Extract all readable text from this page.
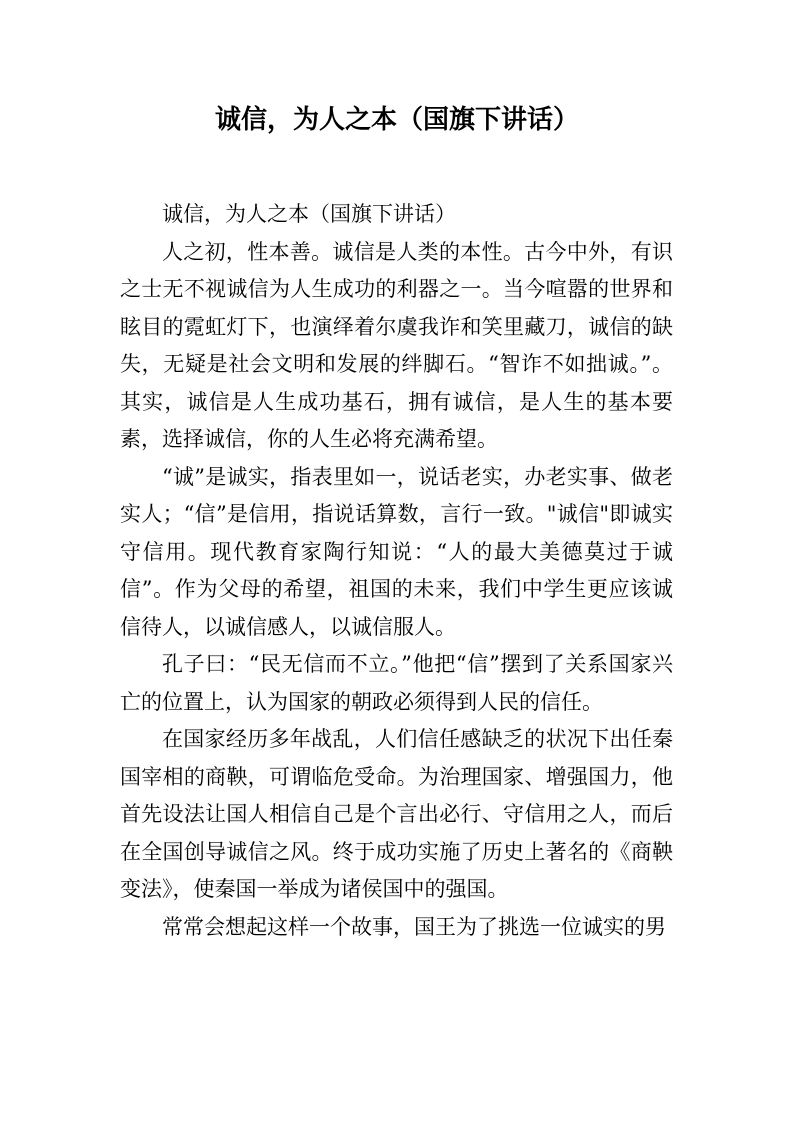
诚信，为人之本（国旗下讲话）

诚信，为人之本（国旗下讲话）

人之初，性本善。诚信是人类的本性。古今中外，有识之士无不视诚信为人生成功的利器之一。当今喧嚣的世界和眩目的霓虹灯下，也演绎着尔虞我诈和笑里藏刀，诚信的缺失，无疑是社会文明和发展的绊脚石。“智诈不如拙诚。”。其实，诚信是人生成功基石，拥有诚信，是人生的基本要素，选择诚信，你的人生必将充满希望。

“诚”是诚实，指表里如一，说话老实，办老实事、做老实人；“信”是信用，指说话算数，言行一致。"诚信"即诚实守信用。现代教育家陶行知说：“人的最大美德莫过于诚信”。作为父母的希望，祖国的未来，我们中学生更应该诚信待人，以诚信感人，以诚信服人。

孔子曰：“民无信而不立。”他把“信”摆到了关系国家兴亡的位置上，认为国家的朝政必须得到人民的信任。

在国家经历多年战乱，人们信任感缺乏的状况下出任秦国宰相的商鞅，可谓临危受命。为治理国家、增强国力，他首先设法让国人相信自己是个言出必行、守信用之人，而后在全国创导诚信之风。终于成功实施了历史上著名的《商鞅变法》，使秦国一举成为诸侯国中的强国。

常常会想起这样一个故事，国王为了挑选一位诚实的男
